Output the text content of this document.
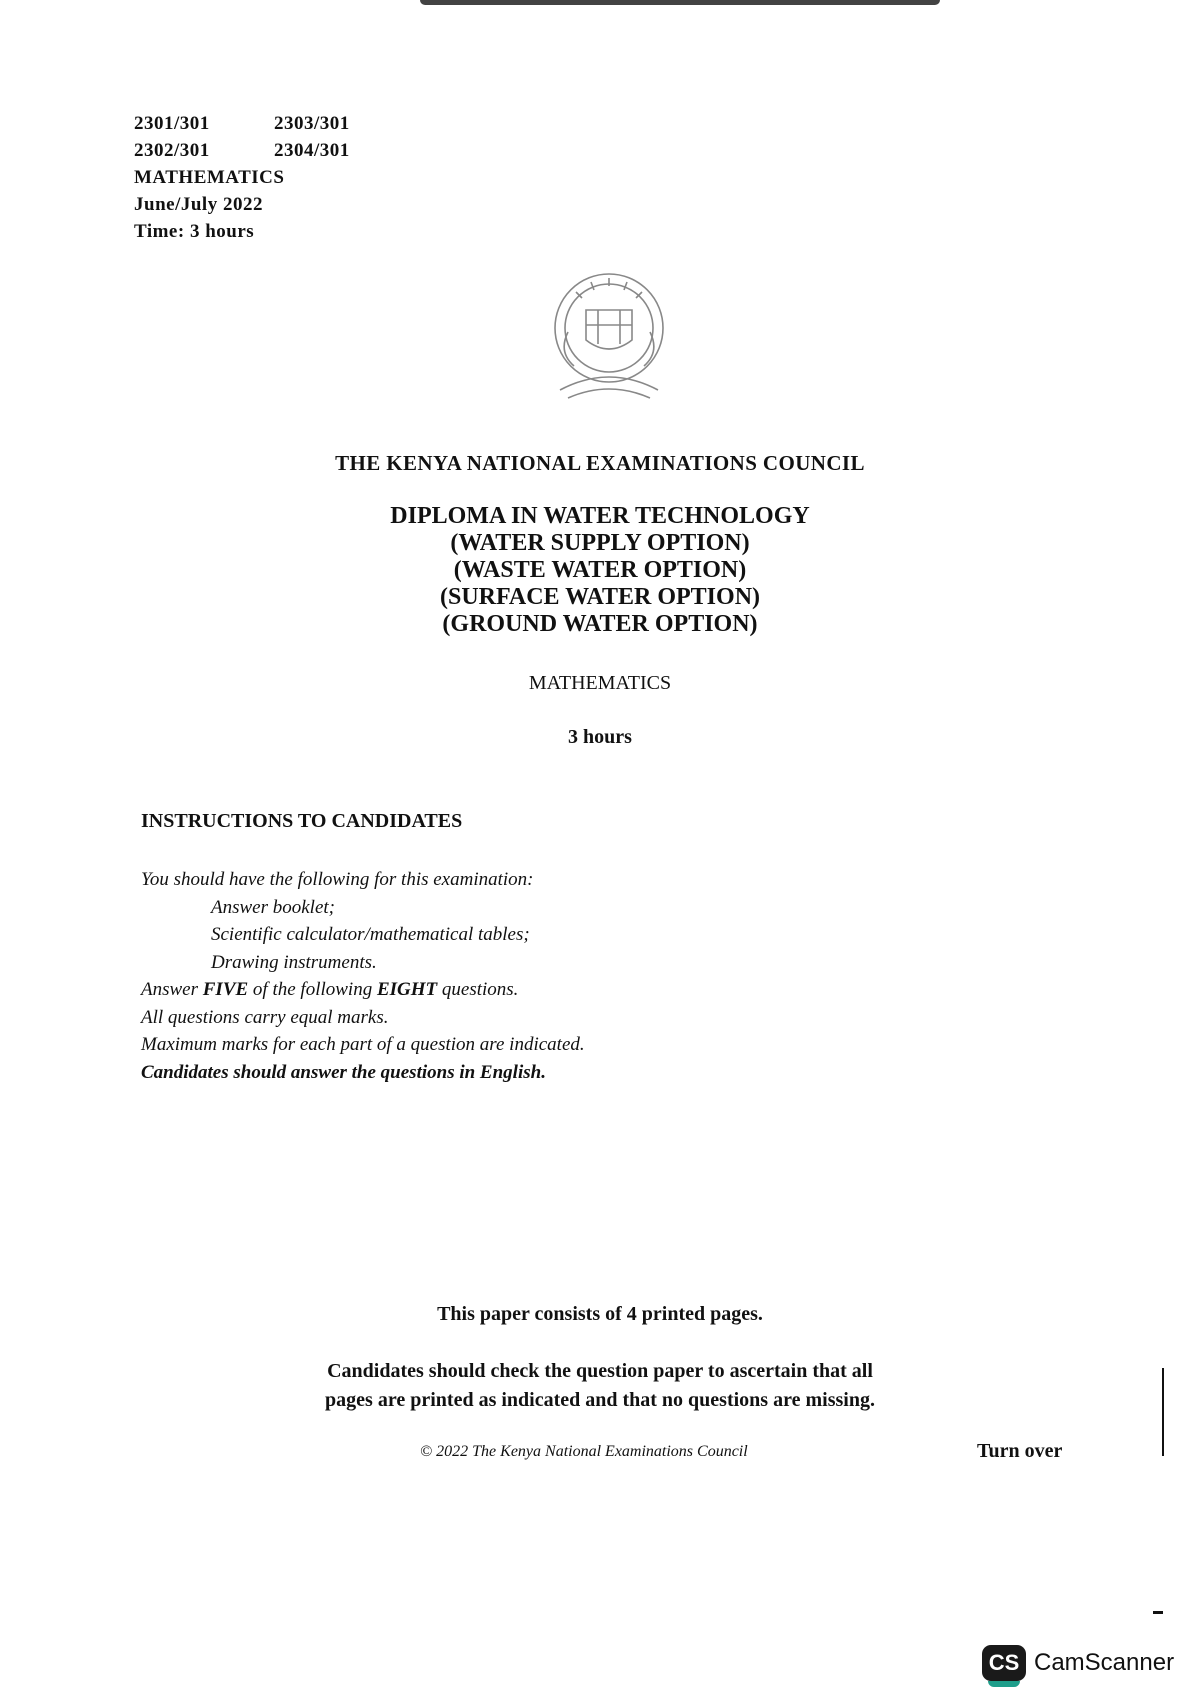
2301/301	2303/301
2302/301	2304/301
MATHEMATICS
June/July 2022
Time: 3 hours
THE KENYA NATIONAL EXAMINATIONS COUNCIL
DIPLOMA IN WATER TECHNOLOGY
(WATER SUPPLY OPTION)
(WASTE WATER OPTION)
(SURFACE WATER OPTION)
(GROUND WATER OPTION)
MATHEMATICS
3 hours
INSTRUCTIONS TO CANDIDATES
You should have the following for this examination:
Answer booklet;
Scientific calculator/mathematical tables;
Drawing instruments.
Answer FIVE of the following EIGHT questions.
All questions carry equal marks.
Maximum marks for each part of a question are indicated.
Candidates should answer the questions in English.
This paper consists of 4 printed pages.
Candidates should check the question paper to ascertain that all
pages are printed as indicated and that no questions are missing.
© 2022 The Kenya National Examinations Council	Turn over
CS CamScanner
